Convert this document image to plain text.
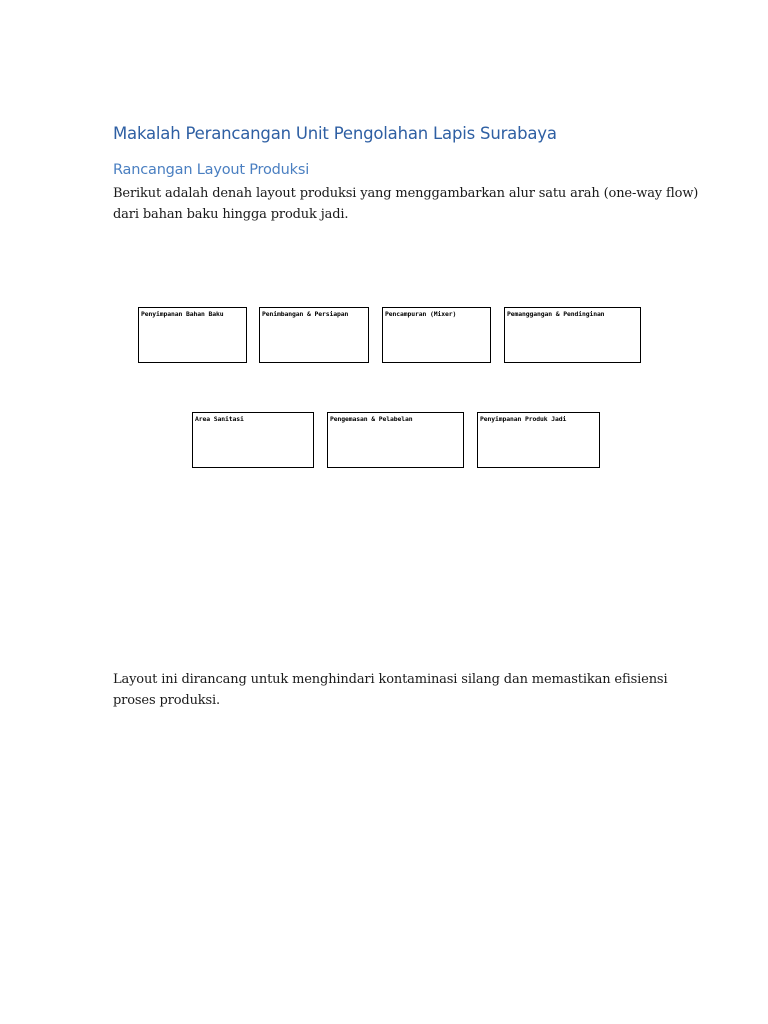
Makalah Perancangan Unit Pengolahan Lapis Surabaya
Rancangan Layout Produksi
Berikut adalah denah layout produksi yang menggambarkan alur satu arah (one-way flow)
dari bahan baku hingga produk jadi.
Penyimpanan Bahan Baku	Penimbangan & Persiapan	Pencampuran (Mixer)	Pemanggangan & Pendinginan
Area Sanitasi	Pengemasan & Pelabelan	Penyimpanan Produk Jadi
Layout ini dirancang untuk menghindari kontaminasi silang dan memastikan efisiensi
proses produksi.
